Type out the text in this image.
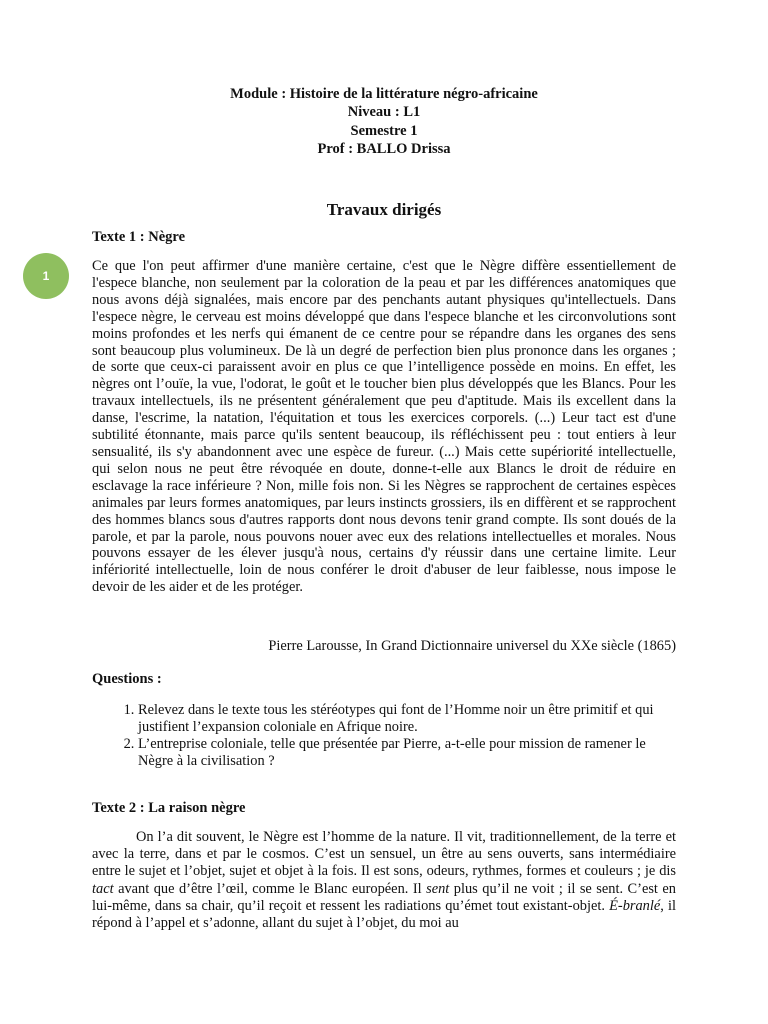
Module : Histoire de la littérature négro-africaine
Niveau : L1
Semestre 1
Prof : BALLO Drissa
Travaux dirigés
Texte 1 : Nègre
1

Ce que l'on peut affirmer d'une manière certaine, c'est que le Nègre diffère essentiellement de l'espece blanche, non seulement par la coloration de la peau et par les différences anatomiques que nous avons déjà signalées, mais encore par des penchants autant physiques qu'intellectuels. Dans l'espece nègre, le cerveau est moins développé que dans l'espece blanche et les circonvolutions sont moins profondes et les nerfs qui émanent de ce centre pour se répandre dans les organes des sens sont beaucoup plus volumineux. De là un degré de perfection bien plus prononce dans les organes ; de sorte que ceux-ci paraissent avoir en plus ce que l’intelligence possède en moins. En effet, les nègres ont l’ouïe, la vue, l'odorat, le goût et le toucher bien plus développés que les Blancs. Pour les travaux intellectuels, ils ne présentent généralement que peu d'aptitude. Mais ils excellent dans la danse, l'escrime, la natation, l'équitation et tous les exercices corporels. (...) Leur tact est d'une subtilité étonnante, mais parce qu'ils sentent beaucoup, ils réfléchissent peu : tout entiers à leur sensualité, ils s'y abandonnent avec une espèce de fureur. (...) Mais cette supériorité intellectuelle, qui selon nous ne peut être révoquée en doute, donne-t-elle aux Blancs le droit de réduire en esclavage la race inférieure ? Non, mille fois non. Si les Nègres se rapprochent de certaines espèces animales par leurs formes anatomiques, par leurs instincts grossiers, ils en diffèrent et se rapprochent des hommes blancs sous d'autres rapports dont nous devons tenir grand compte. Ils sont doués de la parole, et par la parole, nous pouvons nouer avec eux des relations intellectuelles et morales. Nous pouvons essayer de les élever jusqu'à nous, certains d'y réussir dans une certaine limite. Leur infériorité intellectuelle, loin de nous conférer le droit d'abuser de leur faiblesse, nous impose le devoir de les aider et de les protéger.

Pierre Larousse, In Grand Dictionnaire universel du XXe siècle (1865)
Questions :
1. Relevez dans le texte tous les stéréotypes qui font de l’Homme noir un être primitif et qui justifient l’expansion coloniale en Afrique noire.
2. L’entreprise coloniale, telle que présentée par Pierre, a-t-elle pour mission de ramener le Nègre à la civilisation ?
Texte 2 : La raison nègre

On l’a dit souvent, le Nègre est l’homme de la nature. Il vit, traditionnellement, de la terre et avec la terre, dans et par le cosmos. C’est un sensuel, un être au sens ouverts, sans intermédiaire entre le sujet et l’objet, sujet et objet à la fois. Il est sons, odeurs, rythmes, formes et couleurs ; je dis tact avant que d’être l’œil, comme le Blanc européen. Il sent plus qu’il ne voit ; il se sent. C’est en lui-même, dans sa chair, qu’il reçoit et ressent les radiations qu’émet tout existant-objet. É-branlé, il répond à l’appel et s’adonne, allant du sujet à l’objet, du moi au
